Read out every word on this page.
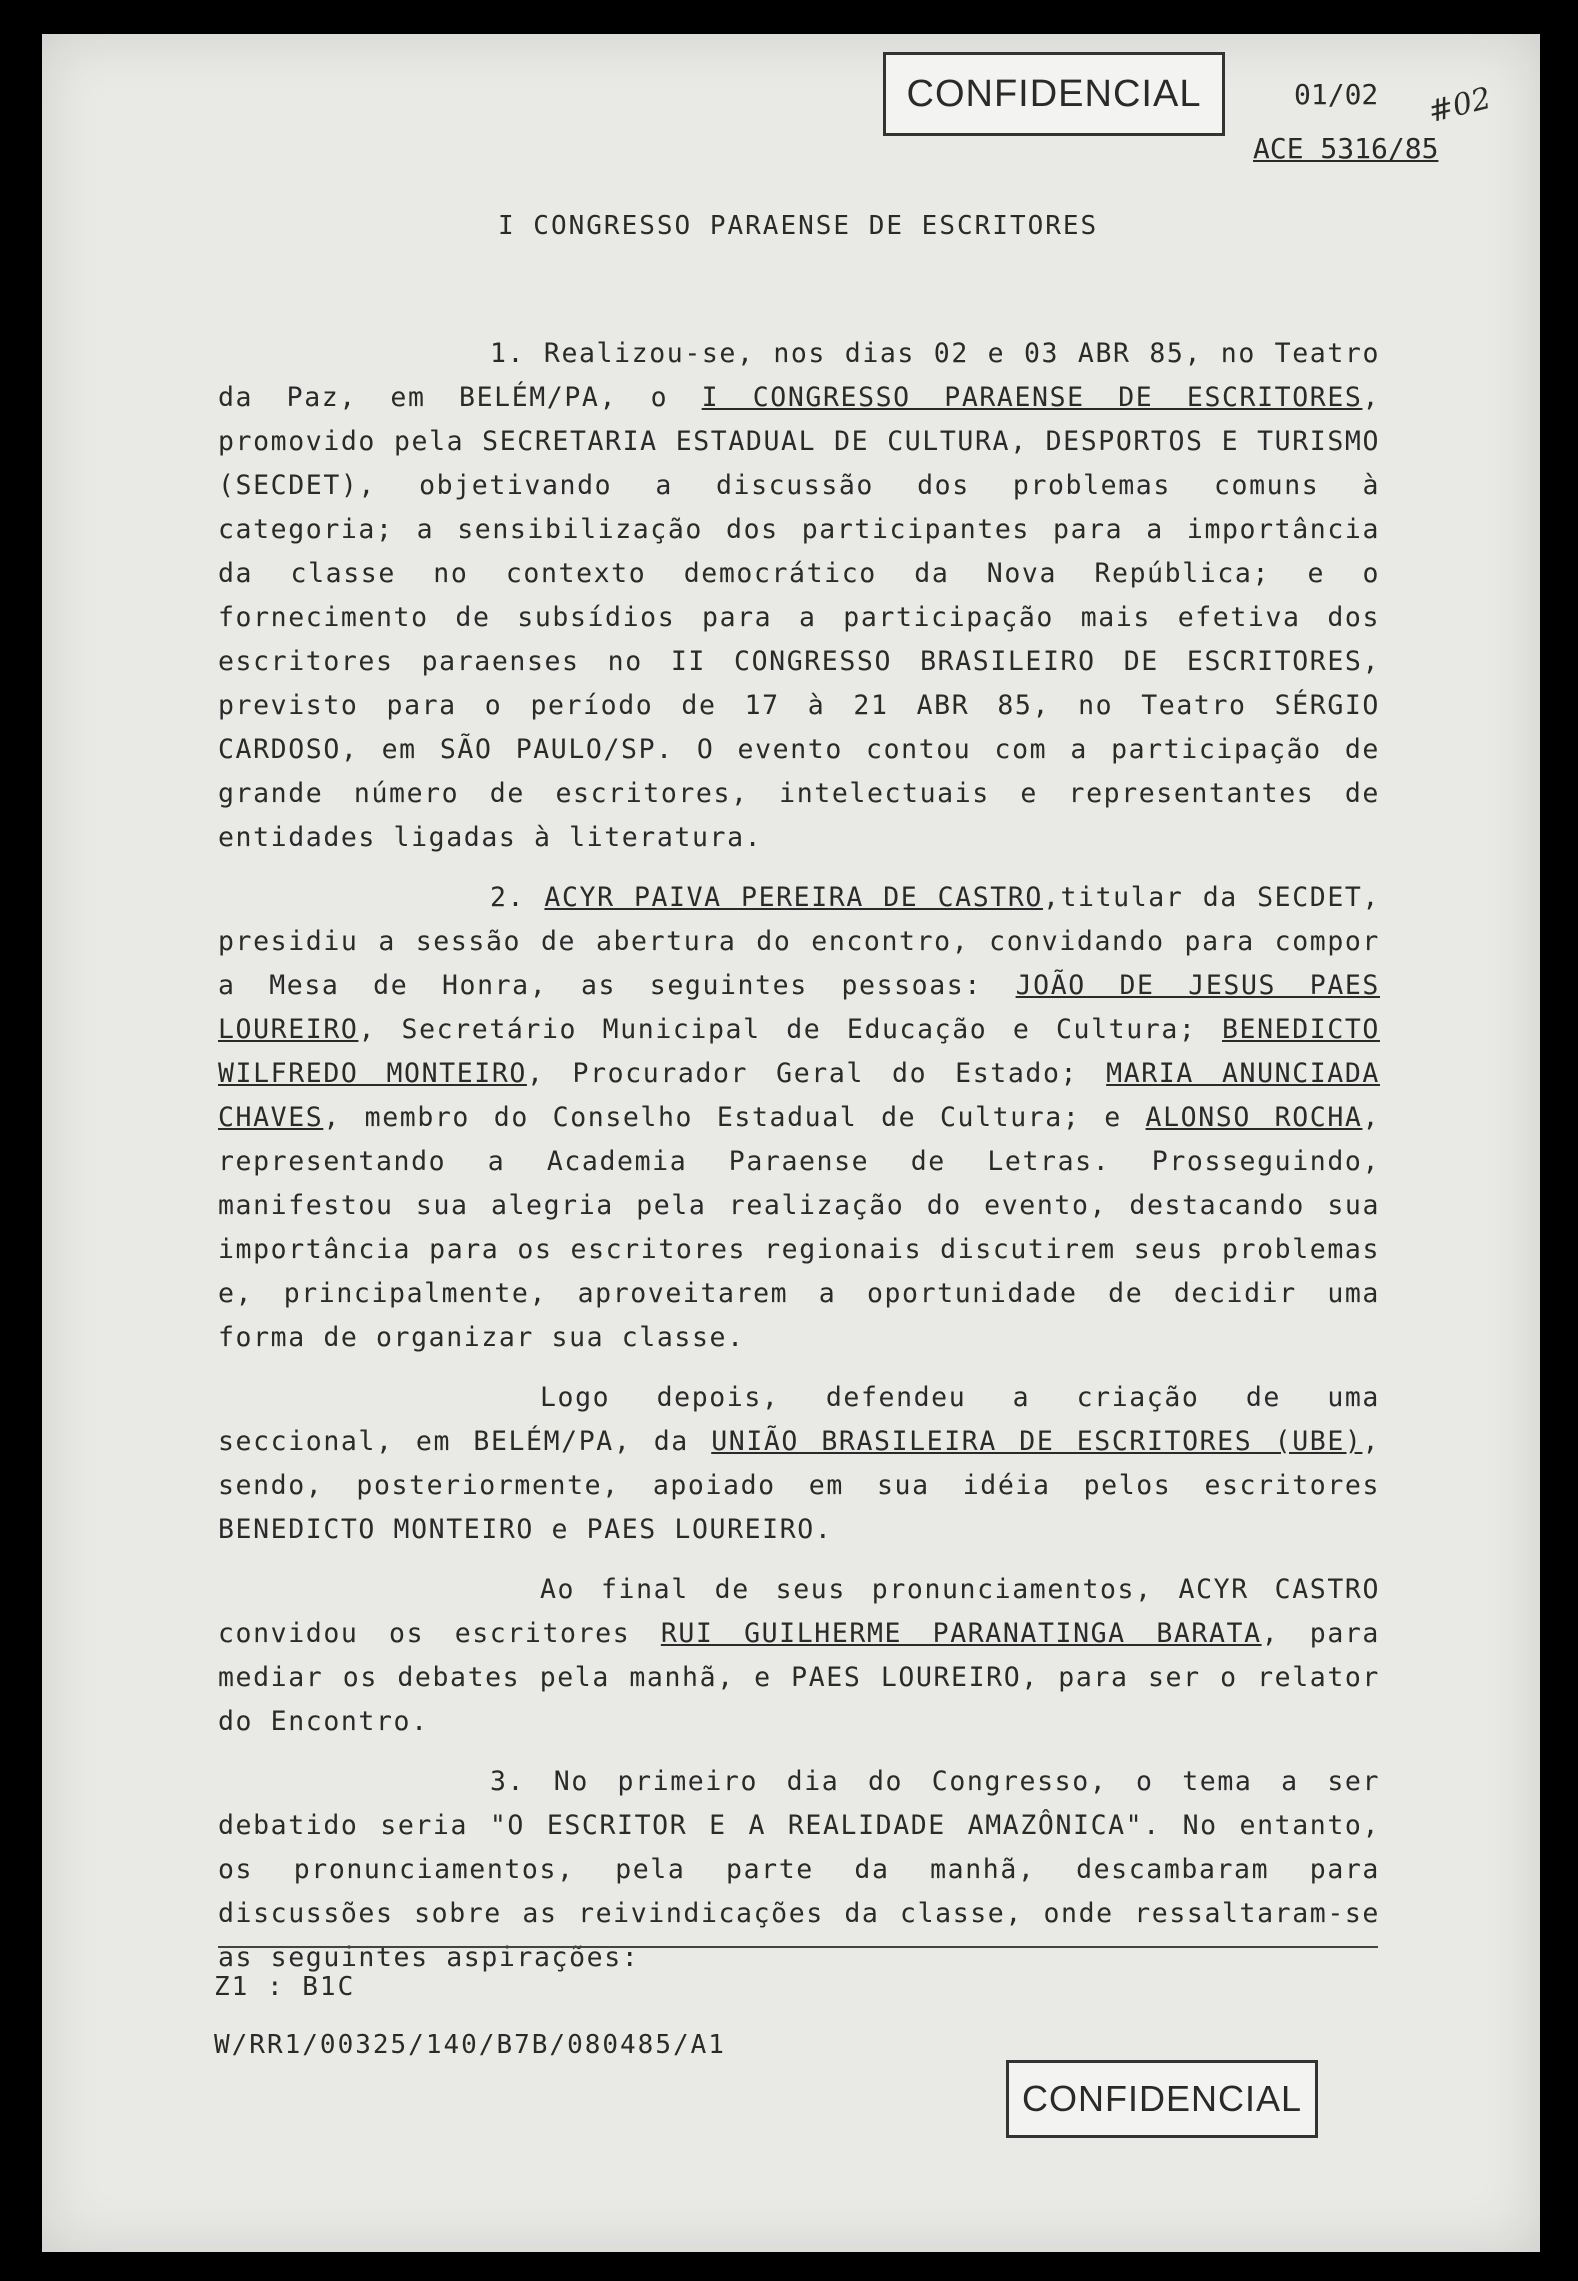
CONFIDENCIAL	01/02
ACE 5316/85
#02
I CONGRESSO PARAENSE DE ESCRITORES

1. Realizou-se, nos dias 02 e 03 ABR 85, no Teatro da Paz, em BELÉM/PA, o I CONGRESSO PARAENSE DE ESCRITORES, promovido pela SECRETARIA ESTADUAL DE CULTURA, DESPORTOS E TURISMO (SECDET), objetivando a discussão dos problemas comuns à categoria; a sensibilização dos participantes para a importância da classe no contexto democrático da Nova República; e o fornecimento de subsídios para a participação mais efetiva dos escritores paraenses no II CONGRESSO BRASILEIRO DE ESCRITORES, previsto para o período de 17 à 21 ABR 85, no Teatro SÉRGIO CARDOSO, em SÃO PAULO/SP. O evento contou com a participação de grande número de escritores, intelectuais e representantes de entidades ligadas à literatura.

2. ACYR PAIVA PEREIRA DE CASTRO,titular da SECDET, presidiu a sessão de abertura do encontro, convidando para compor a Mesa de Honra, as seguintes pessoas: JOÃO DE JESUS PAES LOUREIRO, Secretário Municipal de Educação e Cultura; BENEDICTO WILFREDO MONTEIRO, Procurador Geral do Estado; MARIA ANUNCIADA CHAVES, membro do Conselho Estadual de Cultura; e ALONSO ROCHA, representando a Academia Paraense de Letras. Prosseguindo, manifestou sua alegria pela realização do evento, destacando sua importância para os escritores regionais discutirem seus problemas e, principalmente, aproveitarem a oportunidade de decidir uma forma de organizar sua classe.

Logo depois, defendeu a criação de uma seccional, em BELÉM/PA, da UNIÃO BRASILEIRA DE ESCRITORES (UBE), sendo, posteriormente, apoiado em sua idéia pelos escritores BENEDICTO MONTEIRO e PAES LOUREIRO.

Ao final de seus pronunciamentos, ACYR CASTRO convidou os escritores RUI GUILHERME PARANATINGA BARATA, para mediar os debates pela manhã, e PAES LOUREIRO, para ser o relator do Encontro.

3. No primeiro dia do Congresso, o tema a ser debatido seria "O ESCRITOR E A REALIDADE AMAZÔNICA". No entanto, os pronunciamentos, pela parte da manhã, descambaram para discussões sobre as reivindicações da classe, onde ressaltaram-se as seguintes aspirações:

Z1 : B1C
W/RR1/00325/140/B7B/080485/A1
CONFIDENCIAL
